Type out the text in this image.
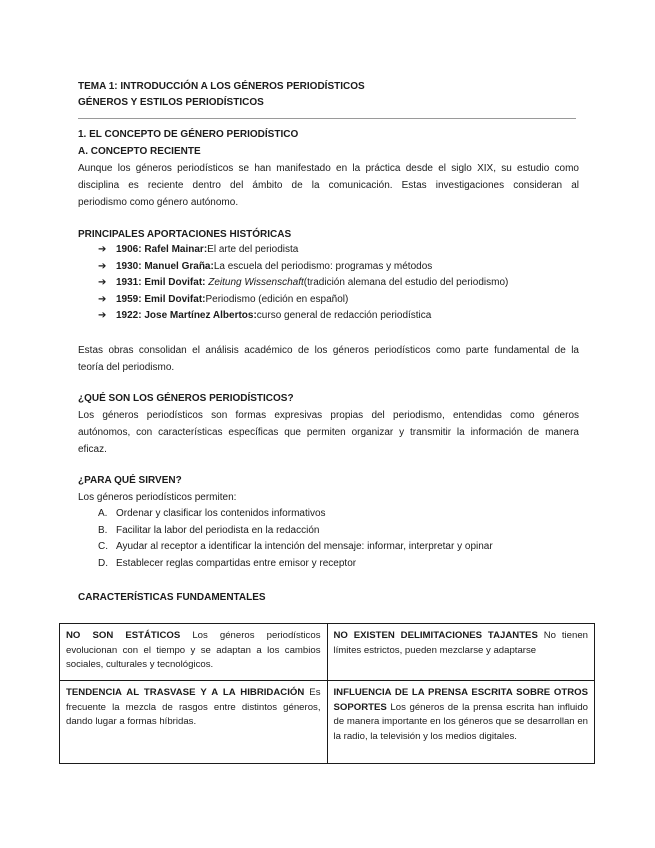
TEMA 1: INTRODUCCIÓN A LOS GÉNEROS PERIODÍSTICOS
GÉNEROS Y ESTILOS PERIODÍSTICOS
1. EL CONCEPTO DE GÉNERO PERIODÍSTICO
A. CONCEPTO RECIENTE
Aunque los géneros periodísticos se han manifestado en la práctica desde el siglo XIX, su estudio como
disciplina es reciente dentro del ámbito de la comunicación. Estas investigaciones consideran al
periodismo como género autónomo.
PRINCIPALES APORTACIONES HISTÓRICAS
➔ 1906: Rafel Mainar: El arte del periodista
➔ 1930: Manuel Graña: La escuela del periodismo: programas y métodos
➔ 1931: Emil Dovifat:
Zeitung Wissenschaft (tradición alemana del estudio del periodismo)
➔ 1959: Emil Dovifat: Periodismo (edición en español)
➔ 1922: Jose Martínez Albertos: curso general de redacción periodística
Estas obras consolidan el análisis académico de los géneros periodísticos como parte fundamental de la
teoría del periodismo.
¿QUÉ SON LOS GÉNEROS PERIODÍSTICOS?
Los géneros periodísticos son formas expresivas propias del periodismo, entendidas como géneros
autónomos, con características específicas que permiten organizar y transmitir la información de manera
eficaz.
¿PARA QUÉ SIRVEN?
Los géneros periodísticos permiten:
A. Ordenar y clasificar los contenidos informativos
B. Facilitar la labor del periodista en la redacción
C. Ayudar al receptor a identificar la intención del mensaje: informar, interpretar y opinar
D. Establecer reglas compartidas entre emisor y receptor
CARACTERÍSTICAS FUNDAMENTALES
NO SON ESTÁTICOS Los géneros periodísticos evolucionan con el tiempo y se adaptan a los cambios sociales, culturales y tecnológicos.	NO EXISTEN DELIMITACIONES TAJANTES No tienen límites estrictos, pueden mezclarse y adaptarse
TENDENCIA AL TRASVASE Y A LA HIBRIDACIÓN Es frecuente la mezcla de rasgos entre distintos géneros, dando lugar a formas híbridas.	INFLUENCIA DE LA PRENSA ESCRITA SOBRE OTROS SOPORTES Los géneros de la prensa escrita han influido de manera importante en los géneros que se desarrollan en la radio, la televisión y los medios digitales.
